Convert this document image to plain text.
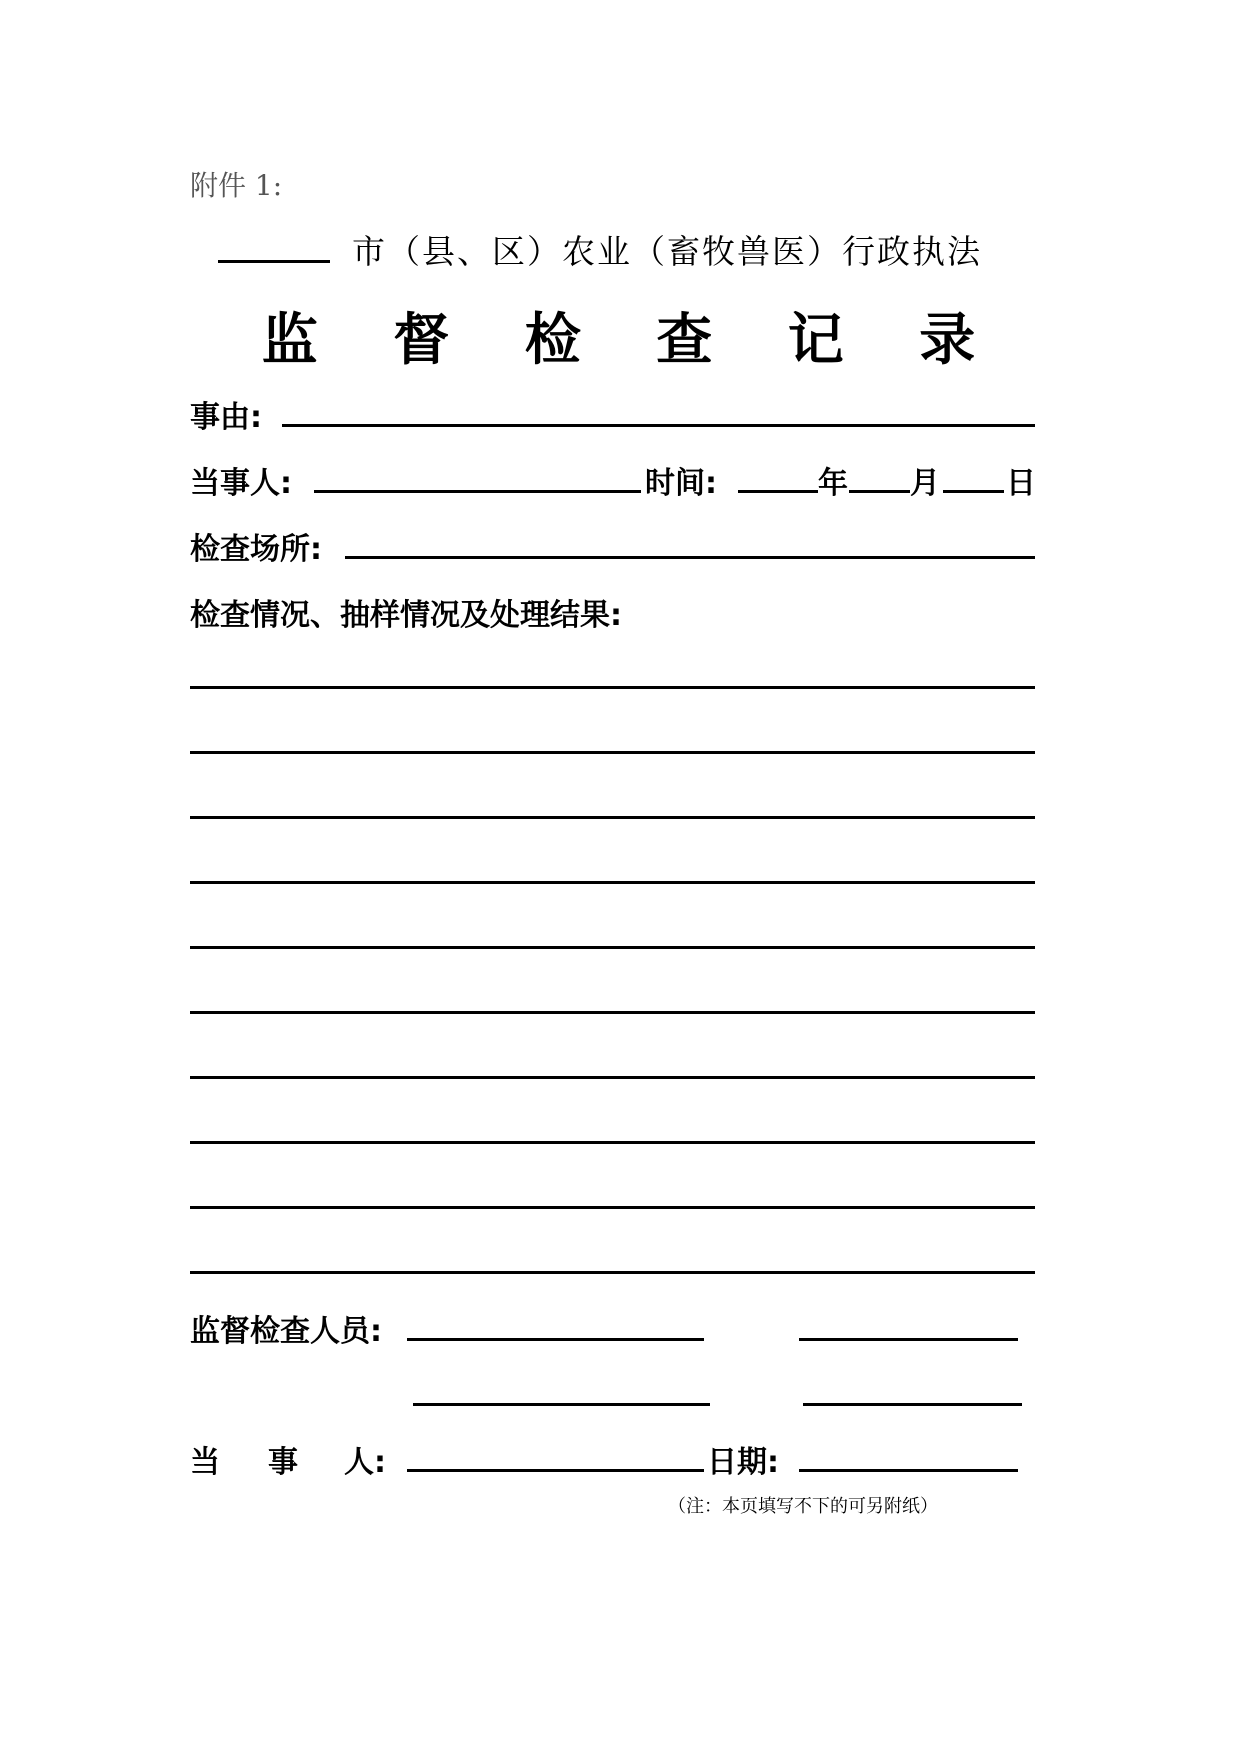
附件 1:
市（县、区）农业（畜牧兽医）行政执法
监 督 检 查 记 录
事由:
当事人:	时间:	年 月 日
检查场所:
检查情况、抽样情况及处理结果:
监督检查人员:
当 事 人:	日期:
（注：本页填写不下的可另附纸）
